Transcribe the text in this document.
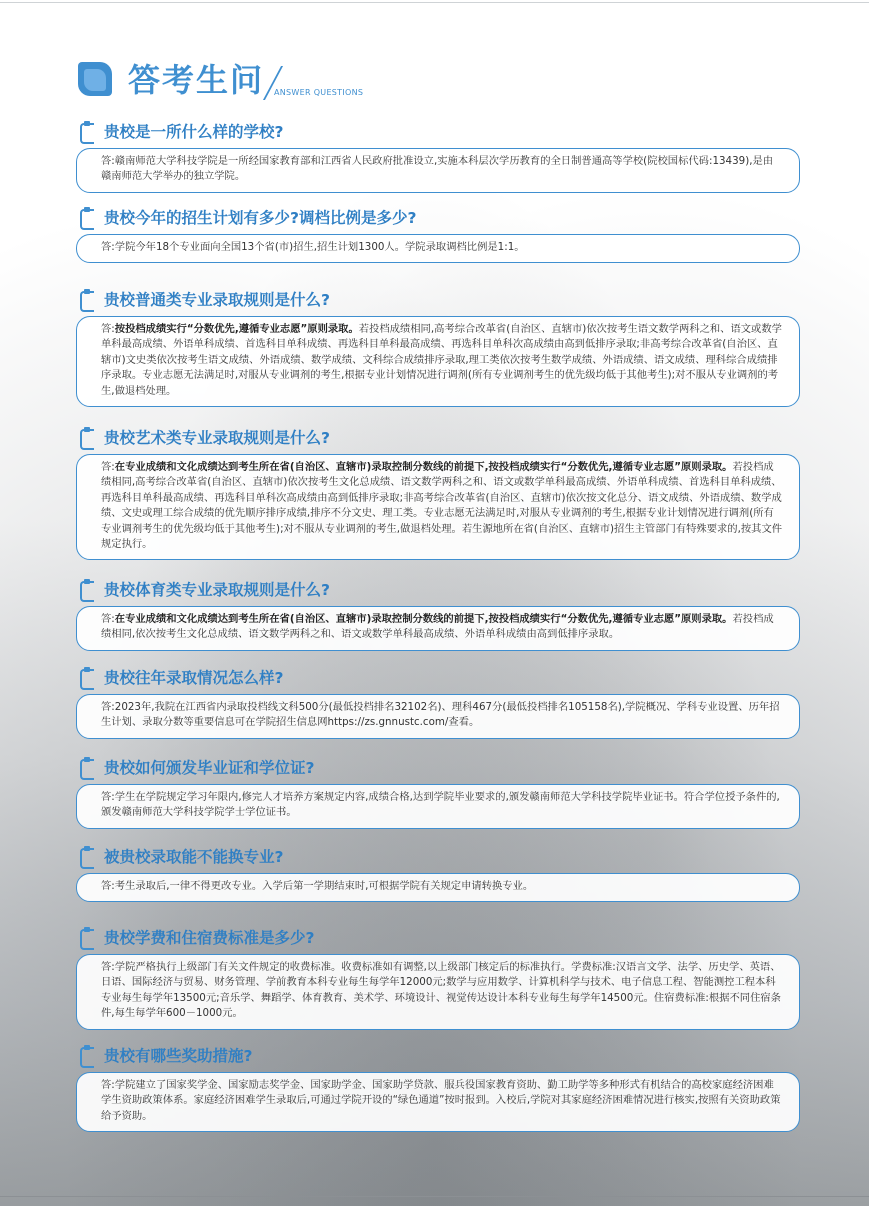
答考生问 ANSWER QUESTIONS
贵校是一所什么样的学校?
答:赣南师范大学科技学院是一所经国家教育部和江西省人民政府批准设立,实施本科层次学历教育的全日制普通高等学校(院校国标代码:13439),是由赣南师范大学举办的独立学院。
贵校今年的招生计划有多少?调档比例是多少?
答:学院今年18个专业面向全国13个省(市)招生,招生计划1300人。学院录取调档比例是1:1。
贵校普通类专业录取规则是什么?
答:按投档成绩实行“分数优先,遵循专业志愿”原则录取。若投档成绩相同,高考综合改革省(自治区、直辖市)依次按考生语文数学两科之和、语文或数学单科最高成绩、外语单科成绩、首选科目单科成绩、再选科目单科最高成绩、再选科目单科次高成绩由高到低排序录取;非高考综合改革省(自治区、直辖市)文史类依次按考生语文成绩、外语成绩、数学成绩、文科综合成绩排序录取,理工类依次按考生数学成绩、外语成绩、语文成绩、理科综合成绩排序录取。专业志愿无法满足时,对服从专业调剂的考生,根据专业计划情况进行调剂(所有专业调剂考生的优先级均低于其他考生);对不服从专业调剂的考生,做退档处理。
贵校艺术类专业录取规则是什么?
答:在专业成绩和文化成绩达到考生所在省(自治区、直辖市)录取控制分数线的前提下,按投档成绩实行“分数优先,遵循专业志愿”原则录取。若投档成绩相同,高考综合改革省(自治区、直辖市)依次按考生文化总成绩、语文数学两科之和、语文或数学单科最高成绩、外语单科成绩、首选科目单科成绩、再选科目单科最高成绩、再选科目单科次高成绩由高到低排序录取;非高考综合改革省(自治区、直辖市)依次按文化总分、语文成绩、外语成绩、数学成绩、文史或理工综合成绩的优先顺序排序成绩,排序不分文史、理工类。专业志愿无法满足时,对服从专业调剂的考生,根据专业计划情况进行调剂(所有专业调剂考生的优先级均低于其他考生);对不服从专业调剂的考生,做退档处理。若生源地所在省(自治区、直辖市)招生主管部门有特殊要求的,按其文件规定执行。
贵校体育类专业录取规则是什么?
答:在专业成绩和文化成绩达到考生所在省(自治区、直辖市)录取控制分数线的前提下,按投档成绩实行“分数优先,遵循专业志愿”原则录取。若投档成绩相同,依次按考生文化总成绩、语文数学两科之和、语文或数学单科最高成绩、外语单科成绩由高到低排序录取。
贵校往年录取情况怎么样?
答:2023年,我院在江西省内录取投档线文科500分(最低投档排名32102名)、理科467分(最低投档排名105158名),学院概况、学科专业设置、历年招生计划、录取分数等重要信息可在学院招生信息网https://zs.gnnustc.com/查看。
贵校如何颁发毕业证和学位证?
答:学生在学院规定学习年限内,修完人才培养方案规定内容,成绩合格,达到学院毕业要求的,颁发赣南师范大学科技学院毕业证书。符合学位授予条件的,颁发赣南师范大学科技学院学士学位证书。
被贵校录取能不能换专业?
答:考生录取后,一律不得更改专业。入学后第一学期结束时,可根据学院有关规定申请转换专业。
贵校学费和住宿费标准是多少?
答:学院严格执行上级部门有关文件规定的收费标准。收费标准如有调整,以上级部门核定后的标准执行。学费标准:汉语言文学、法学、历史学、英语、日语、国际经济与贸易、财务管理、学前教育本科专业每生每学年12000元;数学与应用数学、计算机科学与技术、电子信息工程、智能测控工程本科专业每生每学年13500元;音乐学、舞蹈学、体育教育、美术学、环境设计、视觉传达设计本科专业每生每学年14500元。住宿费标准:根据不同住宿条件,每生每学年600－1000元。
贵校有哪些奖助措施?
答:学院建立了国家奖学金、国家励志奖学金、国家助学金、国家助学贷款、服兵役国家教育资助、勤工助学等多种形式有机结合的高校家庭经济困难学生资助政策体系。家庭经济困难学生录取后,可通过学院开设的“绿色通道”按时报到。入校后,学院对其家庭经济困难情况进行核实,按照有关资助政策给予资助。
